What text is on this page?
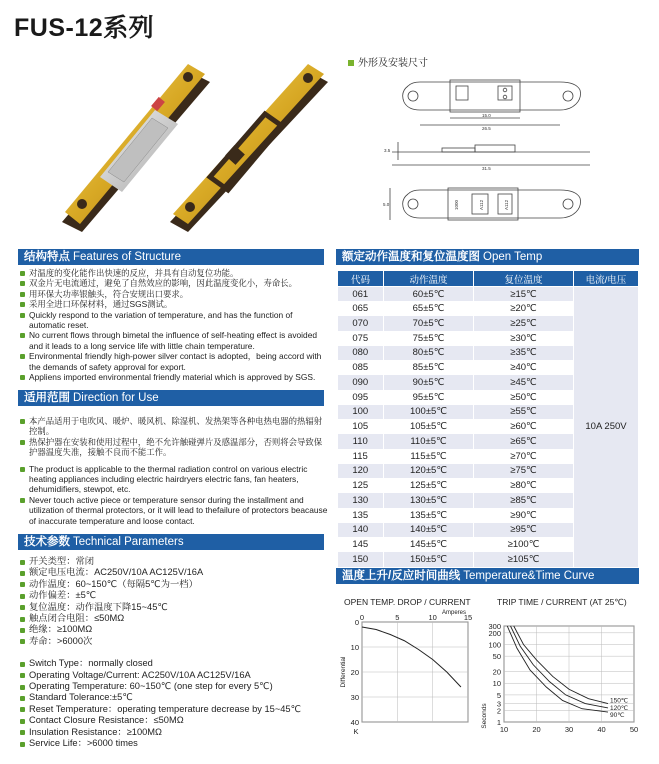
FUS-12系列
外形及安装尺寸
15.0
26.5
31.5
3.5
5.0	1000	A112	A112
结构特点 Features of Structure
对温度的变化能作出快速的反应，并具有自动复位功能。
双金片无电流通过，避免了自然效应的影响，因此温度变化小，寿命长。
用环保大功率银触头，符合安规出口要求。
采用全进口环保材料，通过SGS测试。
Quickly respond to the variation of temperature, and has the function of automatic reset.
No current flows through bimetal the influence of self-heating effect is avoided and it leads to a long service life with little chain temperature.
Environmental friendly high-power silver contact is adopted，being accord with the demands of safety approval for export.
Appliens imported environmental friendly material which is approved by SGS.
适用范围 Direction for Use
本产品适用于电吹风、暖炉、暖风机、除湿机、发热架等各种电热电器的热辐射控制。
热保护器在安装和使用过程中，绝不允许触碰弹片及感温部分，否则将会导致保护器温度失准，接触不良而不能工作。
The product is applicable to the thermal radiation control on various electric heating appliances including electric hairdryers electric fans, fan heaters, dehumidifiers, stewpot, etc.
Never touch active piece or temperature sensor during the installment and utilization of thermal protectors, or it will lead to thefailure of protectors beacause of inaccurate temperature and loose contact.
技术参数 Technical Parameters
开关类型：常闭
额定电压电流：AC250V/10A AC125V/16A
动作温度：60~150℃（每隔5℃为一档）
动作偏差：±5℃
复位温度：动作温度下降15~45℃
触点闭合电阻：≤50MΩ
绝缘：≥100MΩ
寿命：>6000次
Switch Type：normally closed
Operating Voltage/Current: AC250V/10A AC125V/16A
Operating Temperature: 60~150℃ (one step for every 5℃)
Standard Tolerance:±5℃
Reset Temperature：operating temperature decrease by 15~45℃
Contact Closure Resistance：≤50MΩ
Insulation Resistance：≥100MΩ
Service Life：>6000 times
额定动作温度和复位温度图 Open Temp
代码	动作温度	复位温度	电流/电压
061	60±5℃	≥15℃	10A 250V
065	65±5℃	≥20℃	
070	70±5℃	≥25℃	
075	75±5℃	≥30℃	
080	80±5℃	≥35℃	
085	85±5℃	≥40℃	
090	90±5℃	≥45℃	
095	95±5℃	≥50℃	
100	100±5℃	≥55℃	
105	105±5℃	≥60℃	
110	110±5℃	≥65℃	
115	115±5℃	≥70℃	
120	120±5℃	≥75℃	
125	125±5℃	≥80℃	
130	130±5℃	≥85℃	
135	135±5℃	≥90℃	
140	140±5℃	≥95℃	
145	145±5℃	≥100℃	
150	150±5℃	≥105℃	
温度上升/反应时间曲线 Temperature&Time Curve
OPEN TEMP. DROP / CURRENT	TRIP TIME / CURRENT (AT 25℃)
0
10
20
30
40
0	5	10	15
Amperes
Differential
K
1
2
3
5
10
20
50
100
200
300
10	20	30	40	50
Seconds
150℃
120℃
90℃
